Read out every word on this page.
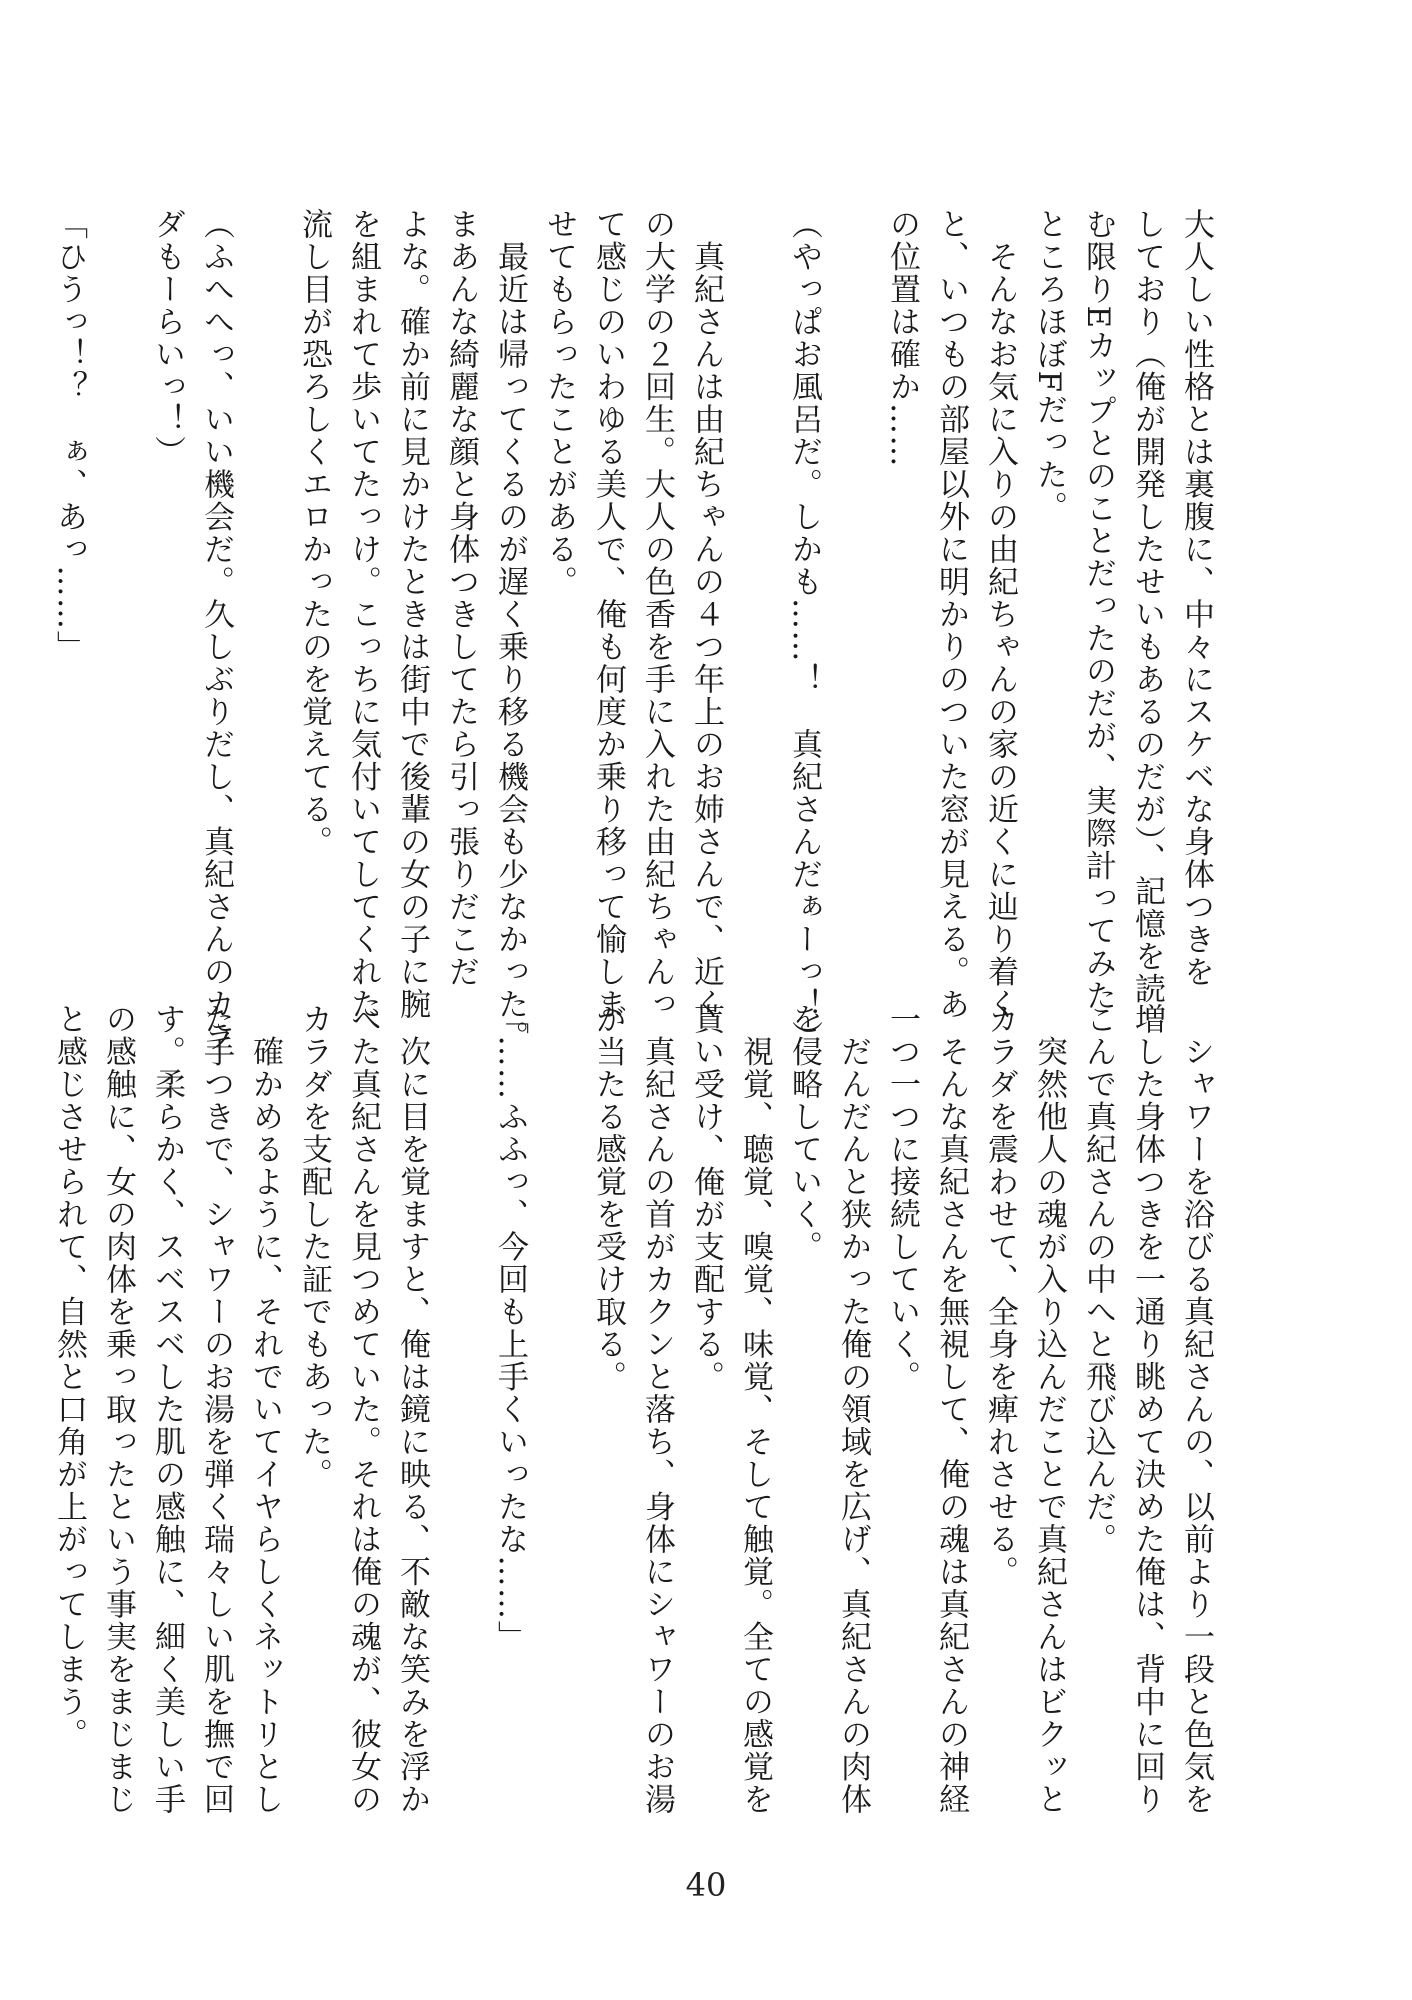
大人しい性格とは裏腹に、中々にスケベな身体つきを
しており（俺が開発したせいもあるのだが）、記憶を読
む限りEカップとのことだったのだが、実際計ってみた
ところほぼFだった。
　そんなお気に入りの由紀ちゃんの家の近くに辿り着く
と、いつもの部屋以外に明かりのついた窓が見える。あ
の位置は確か……

（やっぱお風呂だ。しかも……！　真紀さんだぁーっ！）

　真紀さんは由紀ちゃんの４つ年上のお姉さんで、近く
の大学の２回生。大人の色香を手に入れた由紀ちゃんっ
て感じのいわゆる美人で、俺も何度か乗り移って愉しま
せてもらったことがある。
　最近は帰ってくるのが遅く乗り移る機会も少なかった。
まあんな綺麗な顔と身体つきしてたら引っ張りだこだ
よな。確か前に見かけたときは街中で後輩の女の子に腕
を組まれて歩いてたっけ。こっちに気付いてしてくれた
流し目が恐ろしくエロかったのを覚えてる。

（ふへへっ、いい機会だ。久しぶりだし、真紀さんのカラ
ダもーらいっ！）

「ひうっ！？　ぁ、あっ……」
　シャワーを浴びる真紀さんの、以前より一段と色気を
増した身体つきを一通り眺めて決めた俺は、背中に回り
こんで真紀さんの中へと飛び込んだ。
　突然他人の魂が入り込んだことで真紀さんはビクッと
カラダを震わせて、全身を痺れさせる。
　そんな真紀さんを無視して、俺の魂は真紀さんの神経
一つ一つに接続していく。
　だんだんと狭かった俺の領域を広げ、真紀さんの肉体
を侵略していく。
　視覚、聴覚、嗅覚、味覚、そして触覚。全ての感覚を
貰い受け、俺が支配する。
　真紀さんの首がカクンと落ち、身体にシャワーのお湯
が当たる感覚を受け取る。

「……ふふっ、今回も上手くいったな……」

　次に目を覚ますと、俺は鏡に映る、不敵な笑みを浮か
べた真紀さんを見つめていた。それは俺の魂が、彼女の
カラダを支配した証でもあった。
　確かめるように、それでいてイヤらしくネットリとし
た手つきで、シャワーのお湯を弾く瑞々しい肌を撫で回
す。柔らかく、スベスベした肌の感触に、細く美しい手
の感触に、女の肉体を乗っ取ったという事実をまじまじ
と感じさせられて、自然と口角が上がってしまう。
40
